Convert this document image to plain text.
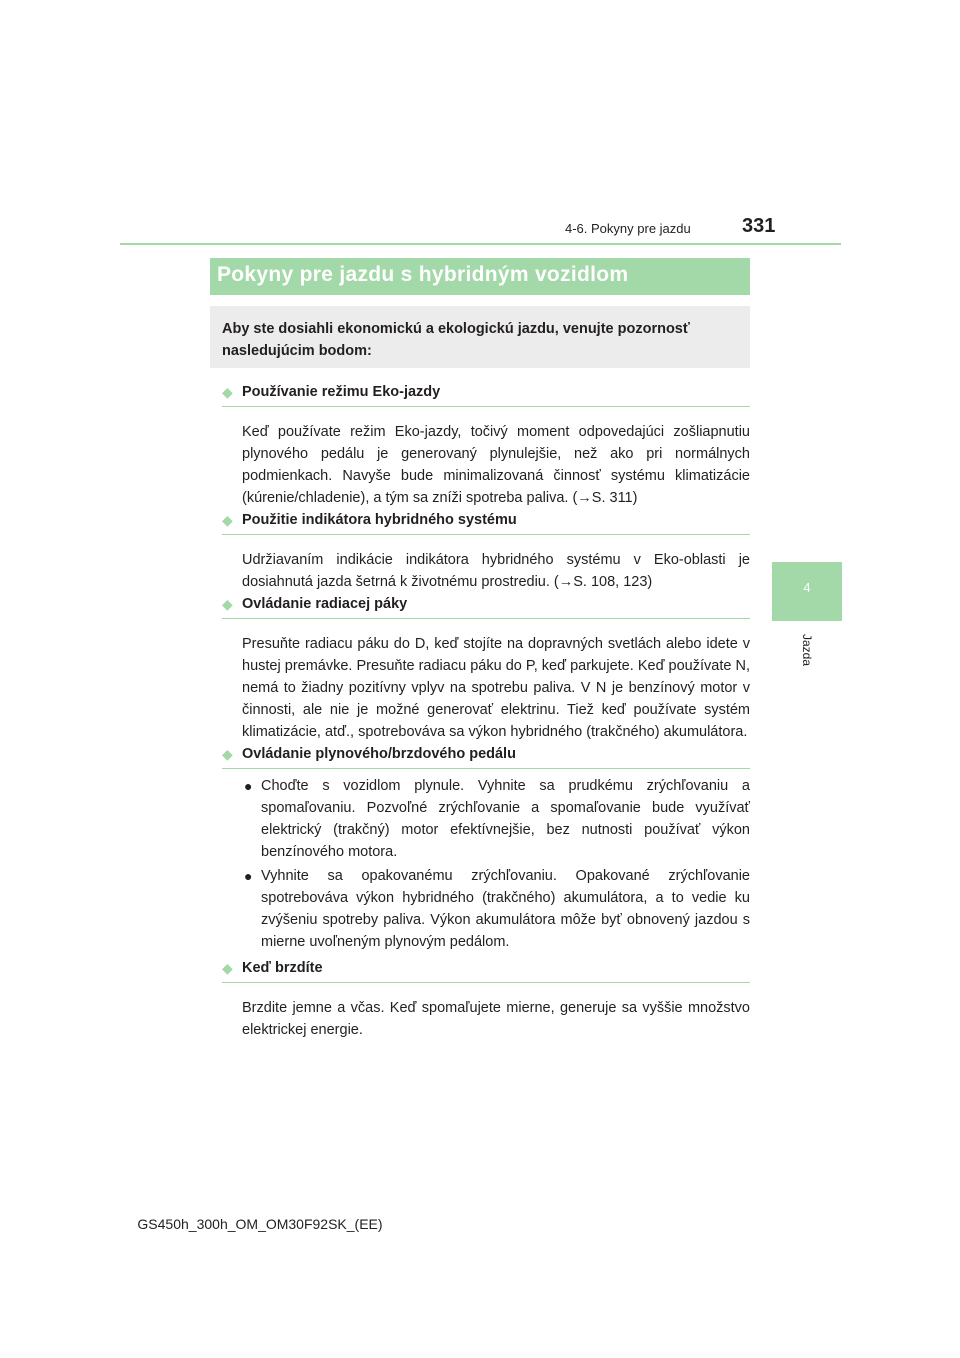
4-6. Pokyny pre jazdu	331
4
Jazda
Pokyny pre jazdu s hybridným vozidlom
Aby ste dosiahli ekonomickú a ekologickú jazdu, venujte pozornosť nasledujúcim bodom:
◆ Používanie režimu Eko-jazdy
Keď používate režim Eko-jazdy, točivý moment odpovedajúci zošliapnutiu plynového pedálu je generovaný plynulejšie, než ako pri normálnych podmienkach. Navyše bude minimalizovaná činnosť systému klimatizácie (kúrenie/chladenie), a tým sa zníži spotreba paliva. (→S. 311)
◆ Použitie indikátora hybridného systému
Udržiavaním indikácie indikátora hybridného systému v Eko-oblasti je dosiahnutá jazda šetrná k životnému prostrediu. (→S. 108, 123)
◆ Ovládanie radiacej páky
Presuňte radiacu páku do D, keď stojíte na dopravných svetlách alebo idete v hustej premávke. Presuňte radiacu páku do P, keď parkujete. Keď používate N, nemá to žiadny pozitívny vplyv na spotrebu paliva. V N je benzínový motor v činnosti, ale nie je možné generovať elektrinu. Tiež keď používate systém klimatizácie, atď., spotrebováva sa výkon hybridného (trakčného) akumulátora.
◆ Ovládanie plynového/brzdového pedálu
● Choďte s vozidlom plynule. Vyhnite sa prudkému zrýchľovaniu a spomaľovaniu. Pozvoľné zrýchľovanie a spomaľovanie bude využívať elektrický (trakčný) motor efektívnejšie, bez nutnosti používať výkon benzínového motora.
● Vyhnite sa opakovanému zrýchľovaniu. Opakované zrýchľovanie spotrebováva výkon hybridného (trakčného) akumulátora, a to vedie ku zvýšeniu spotreby paliva. Výkon akumulátora môže byť obnovený jazdou s mierne uvoľneným plynovým pedálom.
◆ Keď brzdíte
Brzdite jemne a včas. Keď spomaľujete mierne, generuje sa vyššie množstvo elektrickej energie.
GS450h_300h_OM_OM30F92SK_(EE)
